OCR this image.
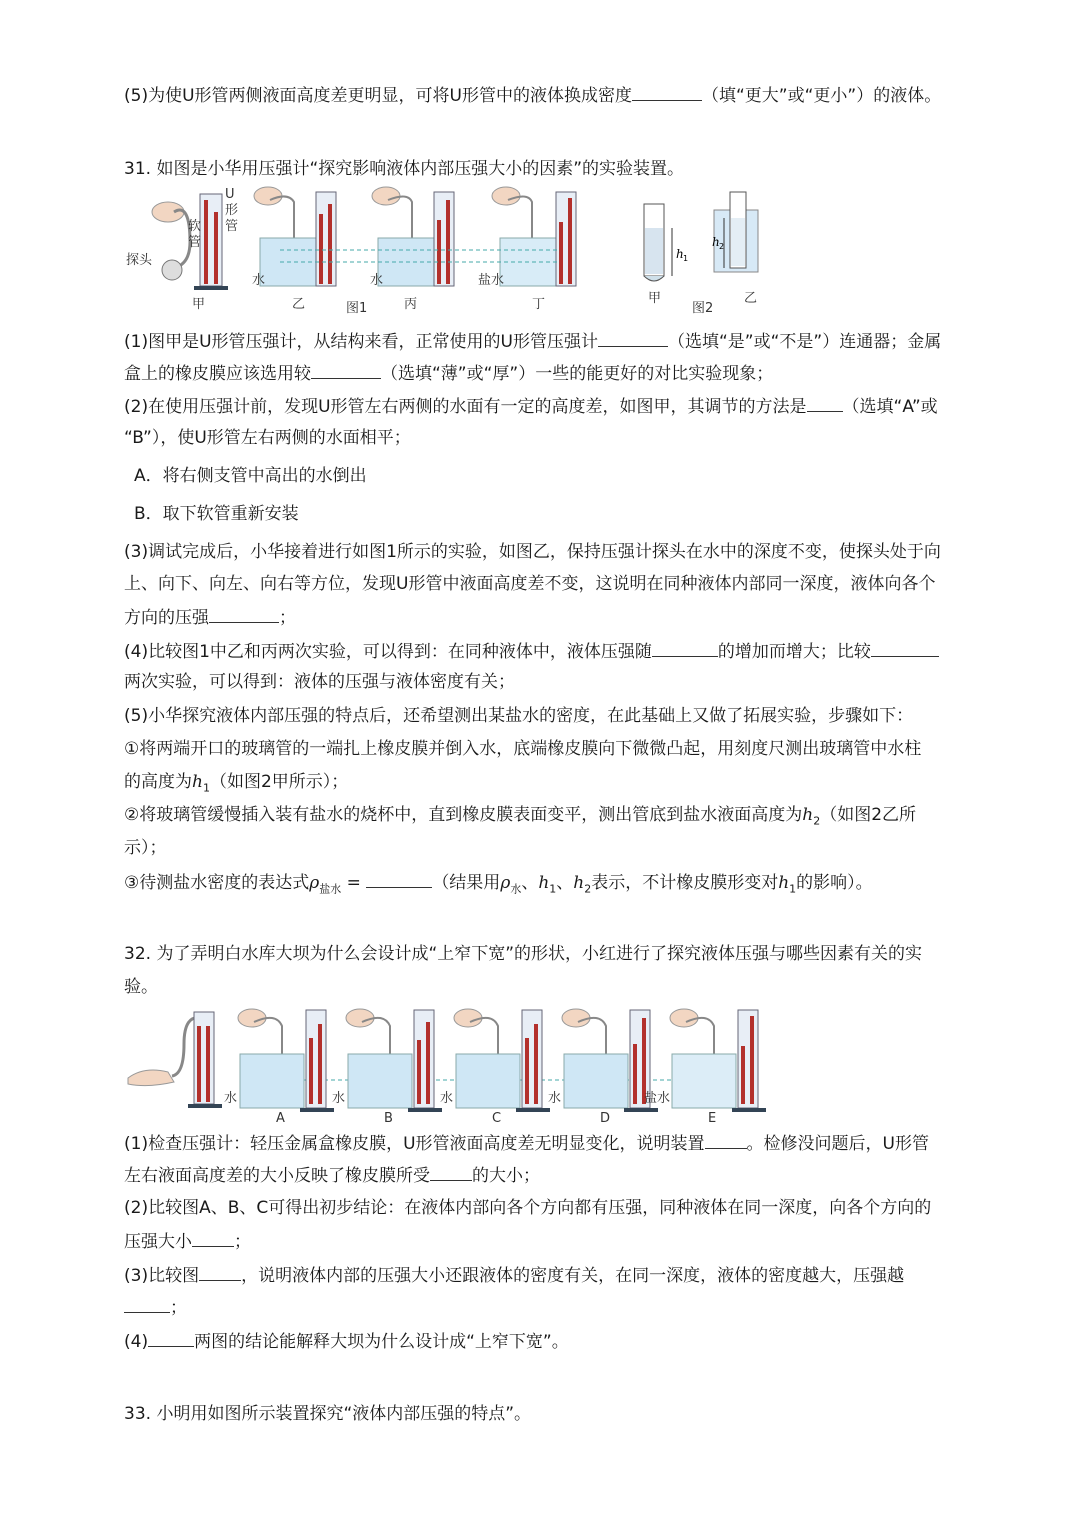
(5)为使U形管两侧液面高度差更明显，可将U形管中的液体换成密度	（填“更大”或“更小”）的液体。
31. 如图是小华用压强计“探究影响液体内部压强大小的因素”的实验装置。
U
形
管
软
管
探头
甲
水
乙
水
丙
盐水
丁
图1
h 1
甲
h 2
乙
图2
(1)图甲是U形管压强计，从结构来看，正常使用的U形管压强计	（选填“是”或“不是”）连通器；金属
盒上的橡皮膜应该选用较	（选填“薄”或“厚”）一些的能更好的对比实验现象；
(2)在使用压强计前，发现U形管左右两侧的水面有一定的高度差，如图甲，其调节的方法是 （选填“A”或
“B”），使U形管左右两侧的水面相平；
A．将右侧支管中高出的水倒出
B．取下软管重新安装
(3)调试完成后，小华接着进行如图1所示的实验，如图乙，保持压强计探头在水中的深度不变，使探头处于向
上、向下、向左、向右等方位，发现U形管中液面高度差不变，这说明在同种液体内部同一深度，液体向各个
方向的压强	；
(4)比较图1中乙和丙两次实验，可以得到：在同种液体中，液体压强随	的增加而增大；比较
两次实验，可以得到：液体的压强与液体密度有关；
(5)小华探究液体内部压强的特点后，还希望测出某盐水的密度，在此基础上又做了拓展实验，步骤如下：
①将两端开口的玻璃管的一端扎上橡皮膜并倒入水，底端橡皮膜向下微微凸起，用刻度尺测出玻璃管中水柱
的高度为$h_1$（如图2甲所示）；
②将玻璃管缓慢插入装有盐水的烧杯中，直到橡皮膜表面变平，测出管底到盐水液面高度为$h_2$（如图2乙所
示）；
③待测盐水密度的表达式$\rho_{盐水}$ =	（结果用$\rho_水$、$h_1$、$h_2$表示，不计橡皮膜形变对$h_1$的影响）。
32. 为了弄明白水库大坝为什么会设计成“上窄下宽”的形状，小红进行了探究液体压强与哪些因素有关的实
验。
水
A
水
B
水
C
水
D
盐水
E
(1)检查压强计：轻压金属盒橡皮膜，U形管液面高度差无明显变化，说明装置 。检修没问题后，U形管
左右液面高度差的大小反映了橡皮膜所受 的大小；
(2)比较图A、B、C可得出初步结论：在液体内部向各个方向都有压强，同种液体在同一深度，向各个方向的
压强大小 ；
(3)比较图 ，说明液体内部的压强大小还跟液体的密度有关，在同一深度，液体的密度越大，压强越
；
(4)	两图的结论能解释大坝为什么设计成“上窄下宽”。
33. 小明用如图所示装置探究“液体内部压强的特点”。
